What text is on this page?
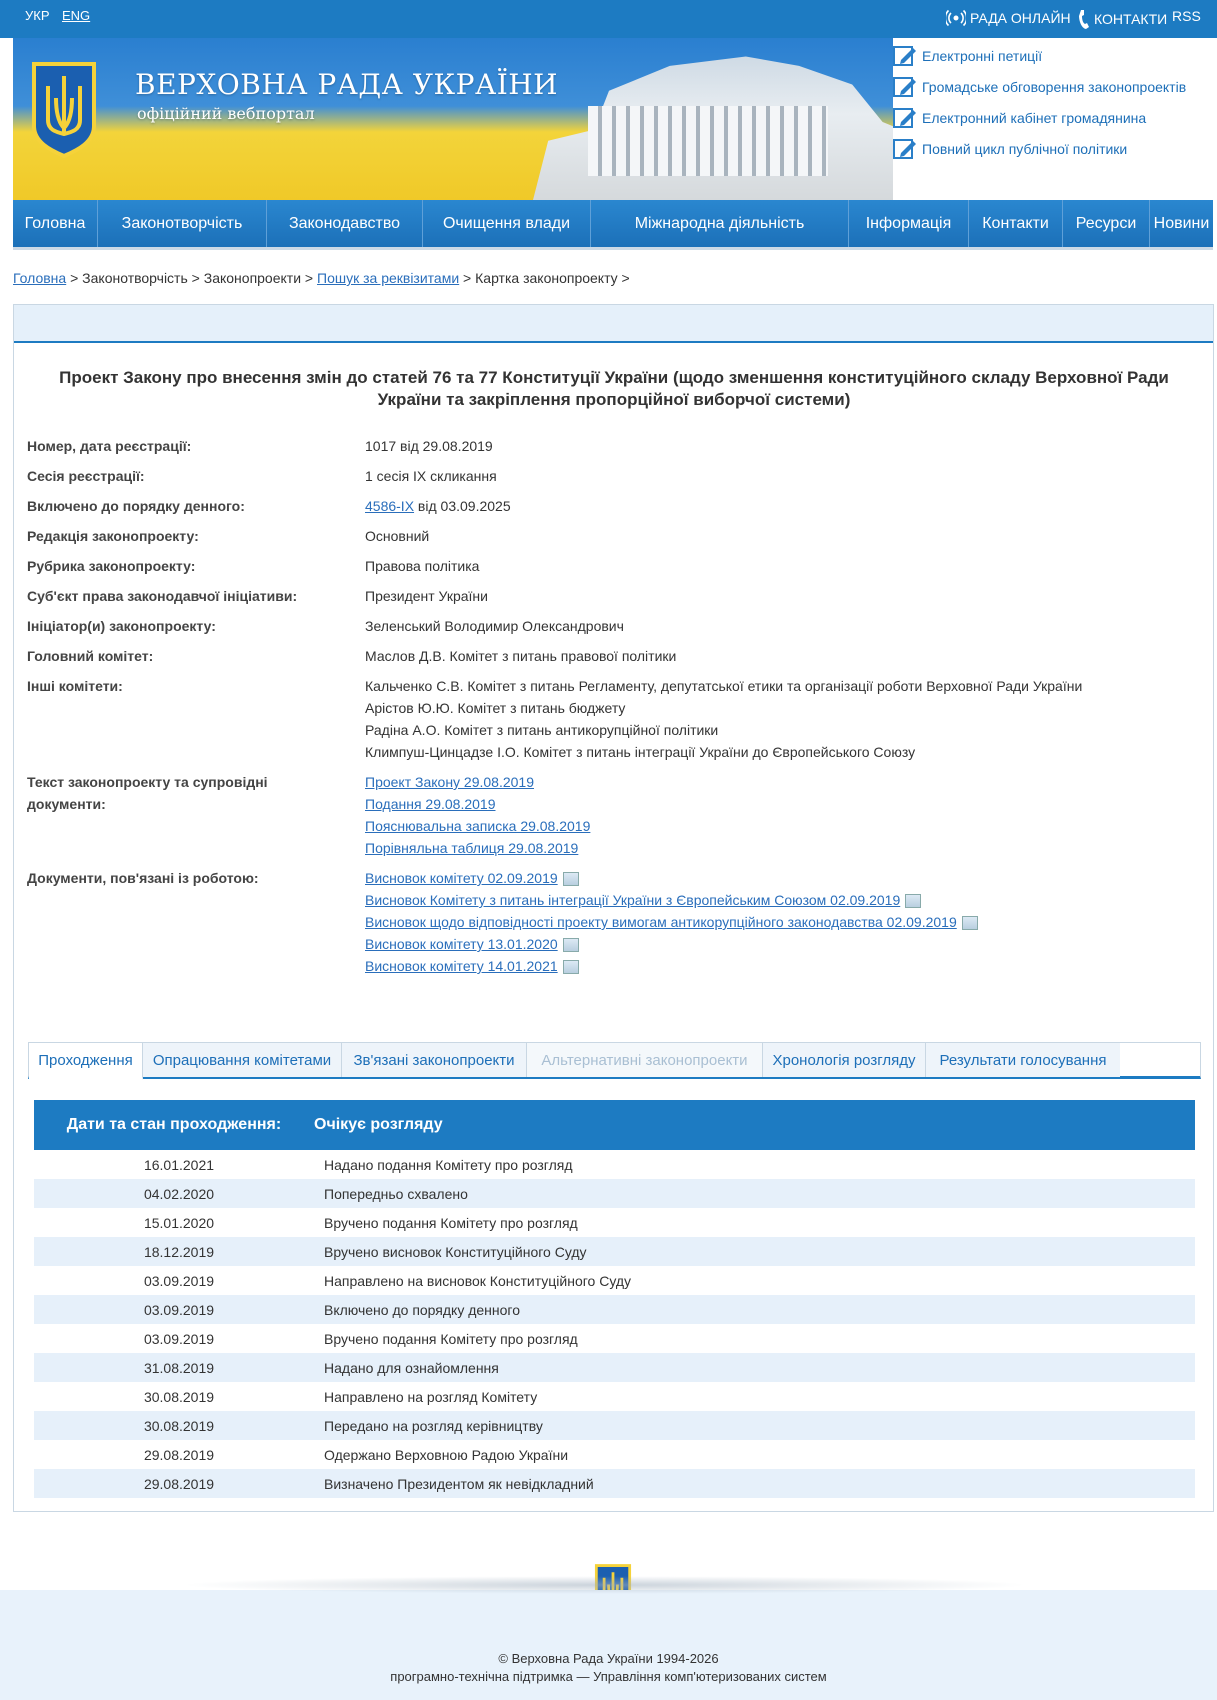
УКР ENG	РАДА ОНЛАЙН КОНТАКТИ RSS
ВЕРХОВНА РАДА УКРАЇНИ
офіційний вебпортал
Електронні петиції
Громадське обговорення законопроектів
Електронний кабінет громадянина
Повний цикл публічної політики
Головна	Законотворчість	Законодавство	Очищення влади	Міжнародна діяльність	Інформація	Контакти	Ресурси	Новини
Головна > Законотворчість > Законопроекти > Пошук за реквізитами > Картка законопроекту >
Проект Закону про внесення змін до статей 76 та 77 Конституції України (щодо зменшення конституційного складу Верховної Ради України та закріплення пропорційної виборчої системи)
Номер, дата реєстрації:	1017 від 29.08.2019
Сесія реєстрації:	1 сесія IX скликання
Включено до порядку денного:	4586-IX від 03.09.2025
Редакція законопроекту:	Основний
Рубрика законопроекту:	Правова політика
Суб'єкт права законодавчої ініціативи:	Президент України
Ініціатор(и) законопроекту:	Зеленський Володимир Олександрович
Головний комітет:	Маслов Д.В. Комітет з питань правової політики
Інші комітети:	Кальченко С.В. Комітет з питань Регламенту, депутатської етики та організації роботи Верховної Ради України
Арістов Ю.Ю. Комітет з питань бюджету
Радіна А.О. Комітет з питань антикорупційної політики
Климпуш-Цинцадзе І.О. Комітет з питань інтеграції України до Європейського Союзу
Текст законопроекту та супровідні документи:
Проект Закону 29.08.2019
Подання 29.08.2019
Пояснювальна записка 29.08.2019
Порівняльна таблиця 29.08.2019
Документи, пов'язані із роботою:	Висновок комітету 02.09.2019
Висновок Комітету з питань інтеграції України з Європейським Союзом 02.09.2019
Висновок щодо відповідності проекту вимогам антикорупційного законодавства 02.09.2019
Висновок комітету 13.01.2020
Висновок комітету 14.01.2021
Проходження	Опрацювання комітетами	Зв'язані законопроекти	Альтернативні законопроекти	Хронологія розгляду	Результати голосування
Дати та стан проходження:	Очікує розгляду
16.01.2021	Надано подання Комітету про розгляд
04.02.2020	Попередньо схвалено
15.01.2020	Вручено подання Комітету про розгляд
18.12.2019	Вручено висновок Конституційного Суду
03.09.2019	Направлено на висновок Конституційного Суду
03.09.2019	Включено до порядку денного
03.09.2019	Вручено подання Комітету про розгляд
31.08.2019	Надано для ознайомлення
30.08.2019	Направлено на розгляд Комітету
30.08.2019	Передано на розгляд керівництву
29.08.2019	Одержано Верховною Радою України
29.08.2019	Визначено Президентом як невідкладний
© Верховна Рада України 1994-2026
програмно-технічна підтримка — Управління комп'ютеризованих систем
